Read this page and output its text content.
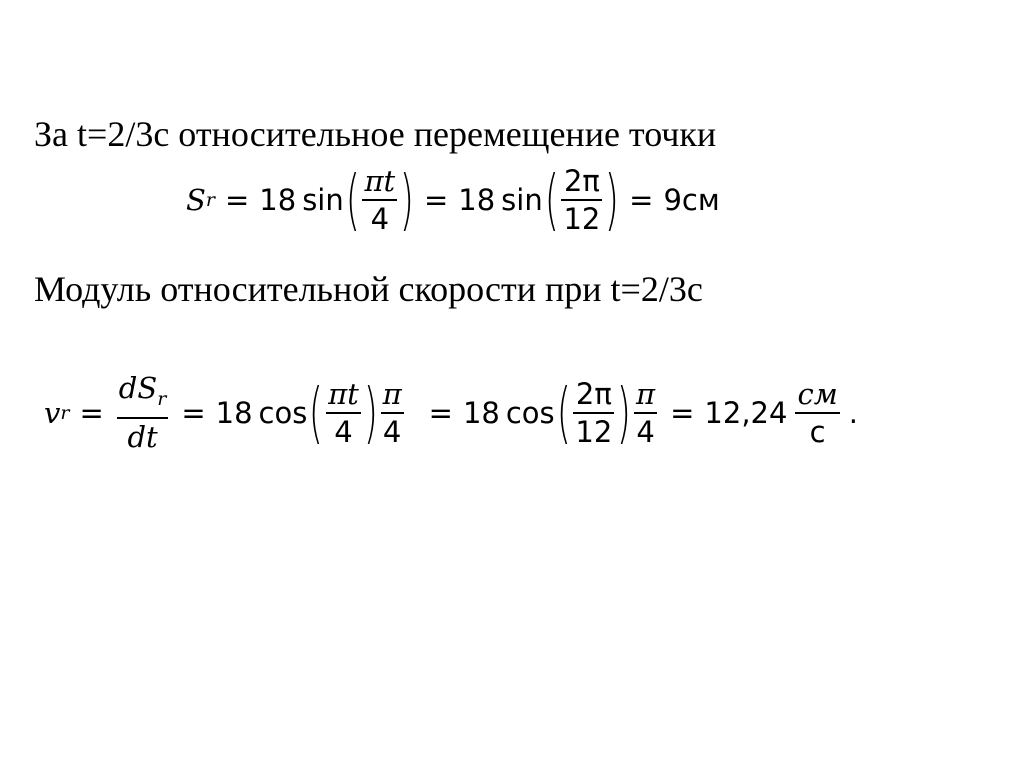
За t=2/3с относительное перемещение точки
S r = 18 sin ( $\frac{\pi t}{4}$ ) = 18 sin ( $\frac{2\pi}{12}$ ) = 9см
Модуль относительной скорости при t=2/3с
v $r = \frac{dS_r}{dt} = 18$ cos ( $\frac{\pi t}{4}$ ) $\frac{\pi}{4} = 18$ cos ( $\frac{2\pi}{12}$ ) $\frac{\pi}{4} = 12,24 \frac{см}{с}$ .
